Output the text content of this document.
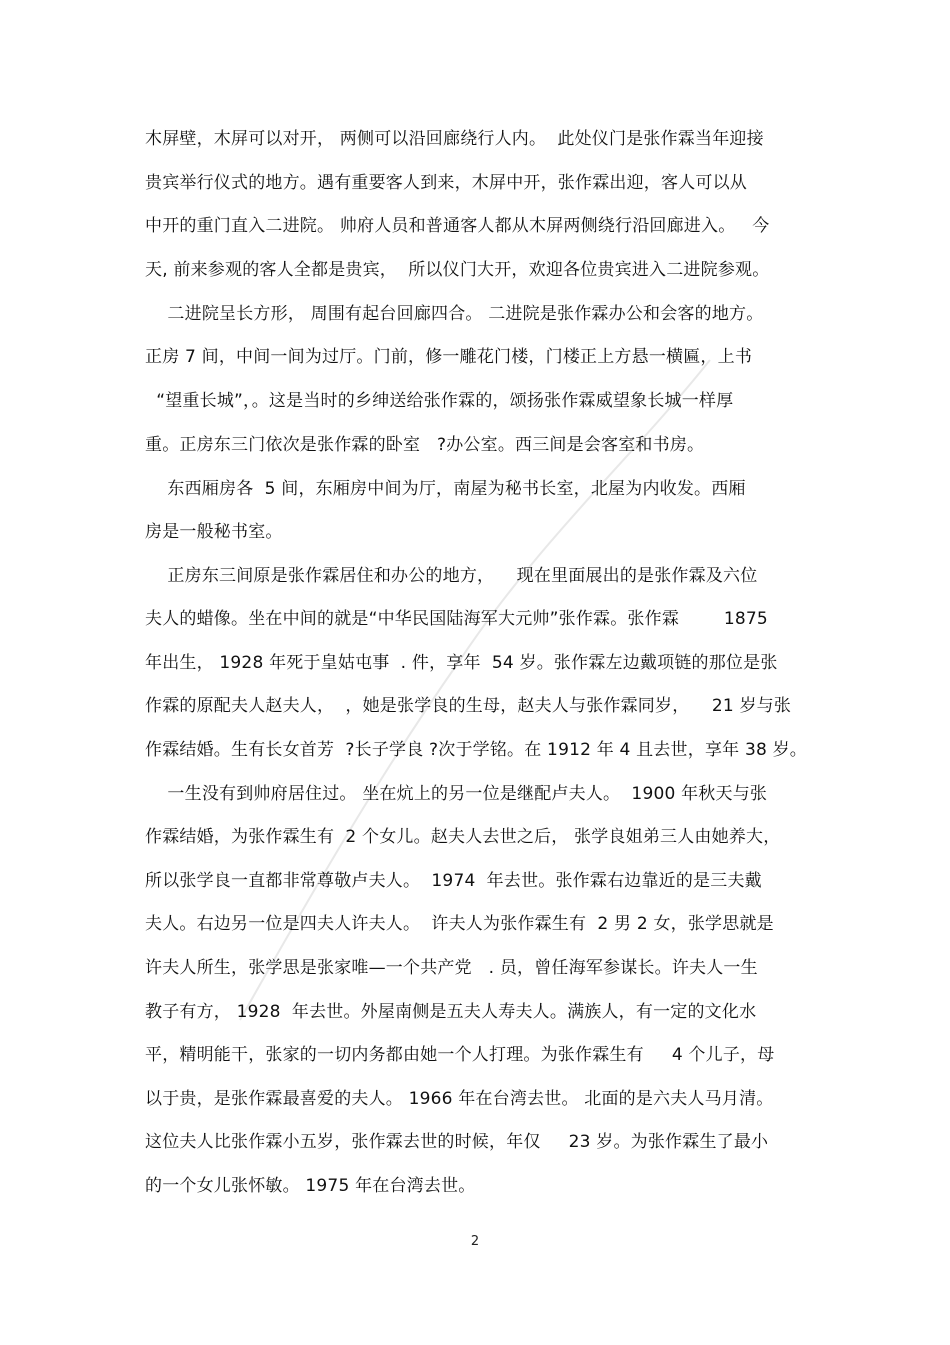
木屏壁，木屏可以对开， 两侧可以沿回廊绕行人内。  此处仪门是张作霖当年迎接
贵宾举行仪式的地方。遇有重要客人到来，木屏中开，张作霖出迎，客人可以从
中开的重门直入二进院。 帅府人员和普通客人都从木屏两侧绕行沿回廊进入。   今
天, 前来参观的客人全都是贵宾，  所以仪门大开，欢迎各位贵宾进入二进院参观。
二进院呈长方形， 周围有起台回廊四合。 二进院是张作霖办公和会客的地方。
正房 7 间，中间一间为过厅。门前，修一雕花门楼，门楼正上方悬一横匾，上书
“望重长城”，。这是当时的乡绅送给张作霖的，颂扬张作霖威望象长城一样厚
重。正房东三门依次是张作霖的卧室   ?办公室。西三间是会客室和书房。
东西厢房各  5 间，东厢房中间为厅，南屋为秘书长室，北屋为内收发。西厢
房是一般秘书室。
正房东三间原是张作霖居住和办公的地方，    现在里面展出的是张作霖及六位
夫人的蜡像。坐在中间的就是“中华民国陆海军大元帅”张作霖。张作霖        1875
年出生， 1928 年死于皇姑屯事  . 件，享年  54 岁。张作霖左边戴项链的那位是张
作霖的原配夫人赵夫人，  ，她是张学良的生母，赵夫人与张作霖同岁，    21 岁与张
作霖结婚。生有长女首芳  ?长子学良 ?次于学铭。在 1912 年 4 且去世，享年 38 岁。
一生没有到帅府居住过。 坐在炕上的另一位是继配卢夫人。  1900 年秋天与张
作霖结婚，为张作霖生有  2 个女儿。赵夫人去世之后， 张学良姐弟三人由她养大，
所以张学良一直都非常尊敬卢夫人。  1974  年去世。张作霖右边靠近的是三夫戴
夫人。右边另一位是四夫人许夫人。  许夫人为张作霖生有  2 男 2 女，张学思就是
许夫人所生，张学思是张家唯—一个共产党   . 员，曾任海军参谋长。许夫人一生
教子有方， 1928  年去世。外屋南侧是五夫人寿夫人。满族人，有一定的文化水
平，精明能干，张家的一切内务都由她一个人打理。为张作霖生有     4 个儿子，母
以于贵，是张作霖最喜爱的夫人。 1966 年在台湾去世。 北面的是六夫人马月清。
这位夫人比张作霖小五岁，张作霖去世的时候，年仅     23 岁。为张作霖生了最小
的一个女儿张怀敏。 1975 年在台湾去世。
2
